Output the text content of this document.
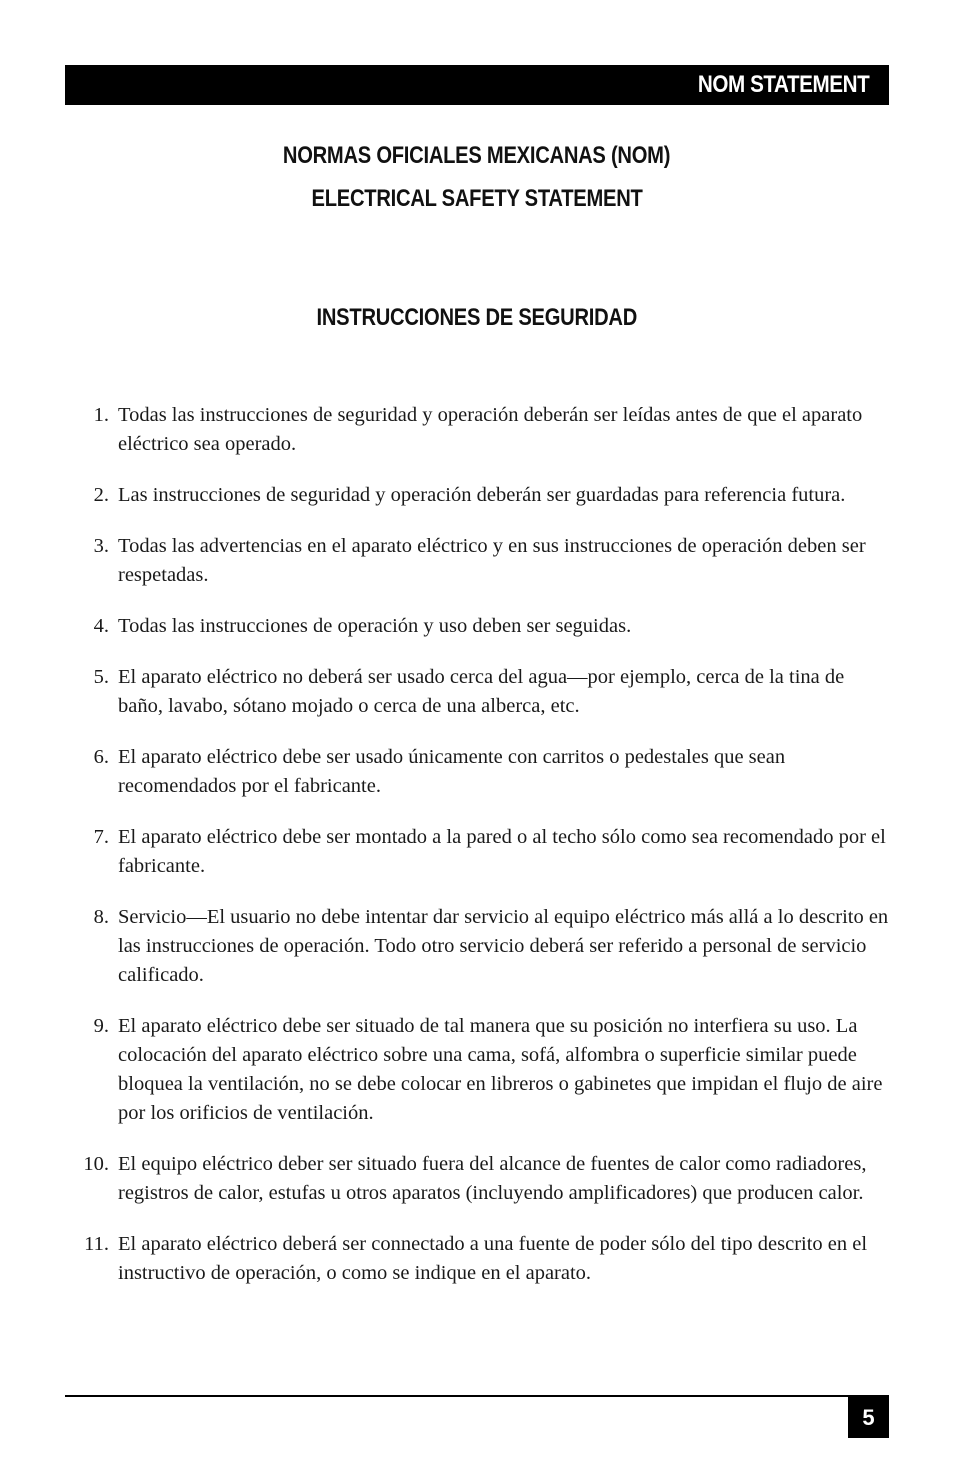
NOM STATEMENT
NORMAS OFICIALES MEXICANAS (NOM)
ELECTRICAL SAFETY STATEMENT
INSTRUCCIONES DE SEGURIDAD
1. Todas las instrucciones de seguridad y operación deberán ser leídas antes de que el aparato eléctrico sea operado.
2. Las instrucciones de seguridad y operación deberán ser guardadas para referencia futura.
3. Todas las advertencias en el aparato eléctrico y en sus instrucciones de operación deben ser respetadas.
4. Todas las instrucciones de operación y uso deben ser seguidas.
5. El aparato eléctrico no deberá ser usado cerca del agua—por ejemplo, cerca de la tina de baño, lavabo, sótano mojado o cerca de una alberca, etc.
6. El aparato eléctrico debe ser usado únicamente con carritos o pedestales que sean recomendados por el fabricante.
7. El aparato eléctrico debe ser montado a la pared o al techo sólo como sea recomendado por el fabricante.
8. Servicio—El usuario no debe intentar dar servicio al equipo eléctrico más allá a lo descrito en las instrucciones de operación. Todo otro servicio deberá ser referido a personal de servicio calificado.
9. El aparato eléctrico debe ser situado de tal manera que su posición no interfiera su uso. La colocación del aparato eléctrico sobre una cama, sofá, alfombra o superficie similar puede bloquea la ventilación, no se debe colocar en libreros o gabinetes que impidan el flujo de aire por los orificios de ventilación.
10. El equipo eléctrico deber ser situado fuera del alcance de fuentes de calor como radiadores, registros de calor, estufas u otros aparatos (incluyendo amplificadores) que producen calor.
11. El aparato eléctrico deberá ser connectado a una fuente de poder sólo del tipo descrito en el instructivo de operación, o como se indique en el aparato.
5
